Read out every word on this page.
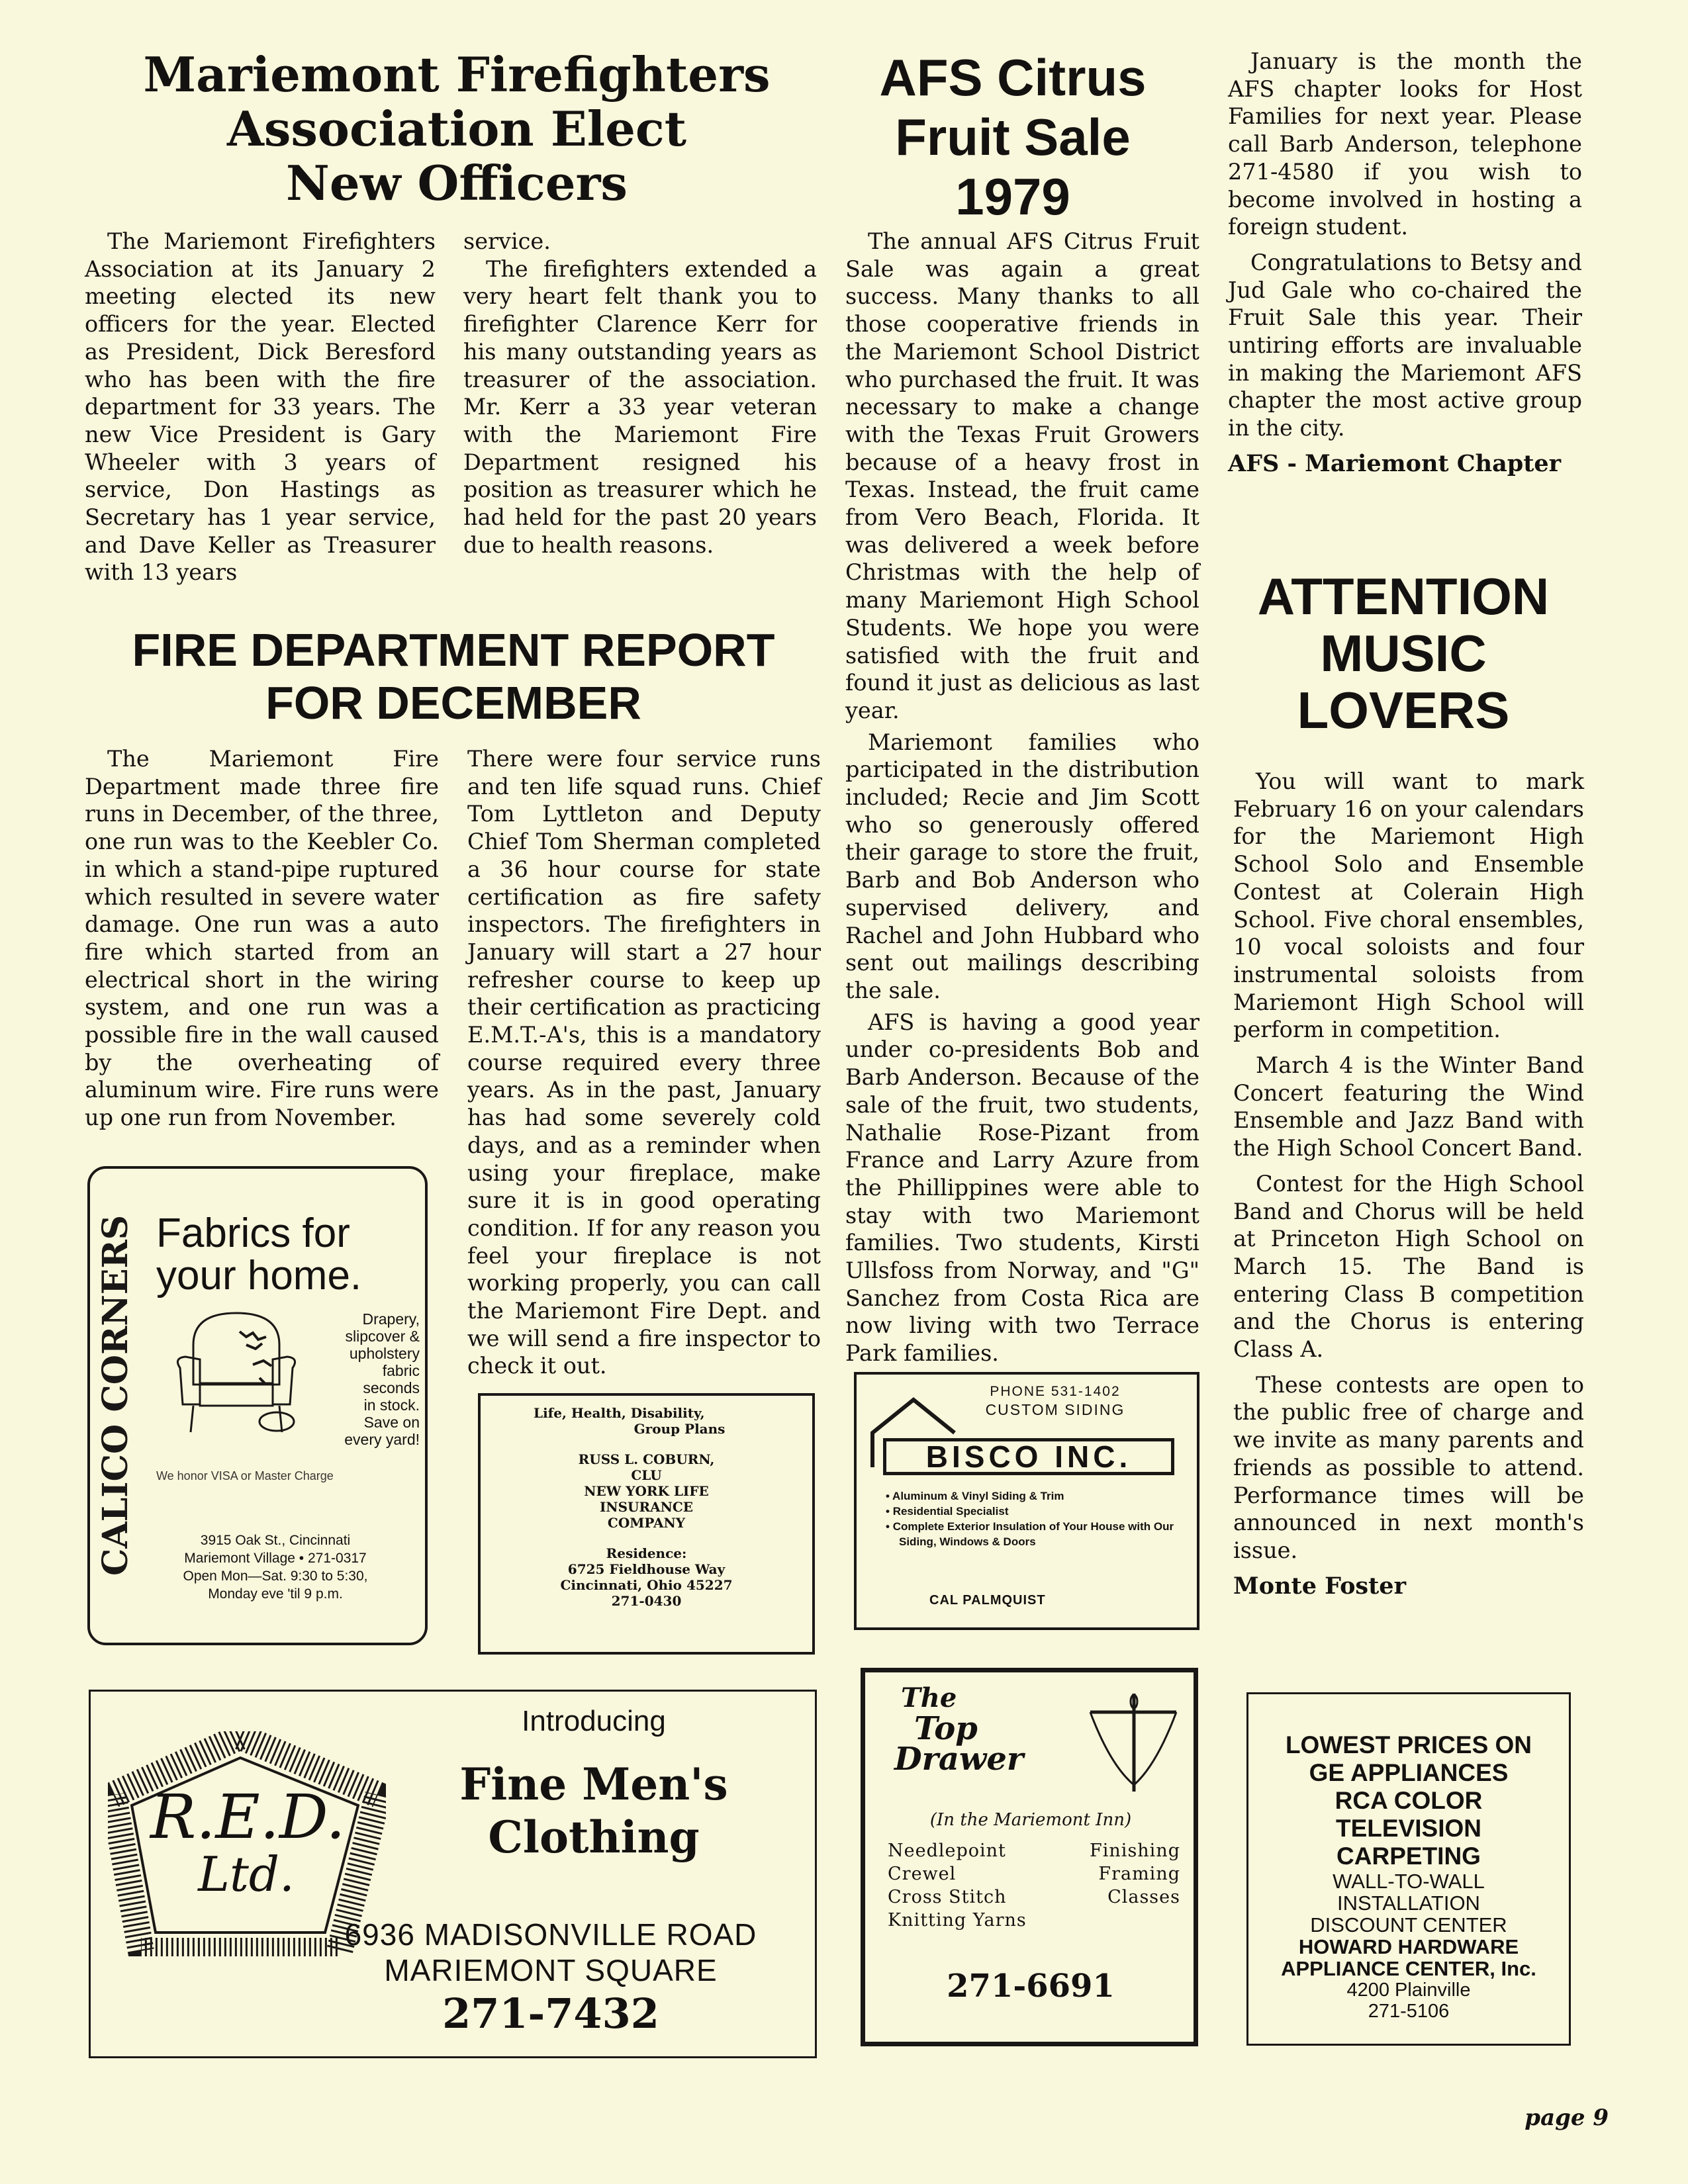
Mariemont Firefighters
Association Elect
New Officers
The Mariemont Firefighters Association at its January 2 meeting elected its new officers for the year. Elected as President, Dick Beresford who has been with the fire department for 33 years. The new Vice President is Gary Wheeler with 3 years of service, Don Hastings as Secretary has 1 year service, and Dave Keller as Treasurer with 13 years

service.

The firefighters extended a very heart felt thank you to firefighter Clarence Kerr for his many outstanding years as treasurer of the association. Mr. Kerr a 33 year veteran with the Mariemont Fire Department resigned his position as treasurer which he had held for the past 20 years due to health reasons.

FIRE DEPARTMENT REPORT
FOR DECEMBER
The Mariemont Fire Department made three fire runs in December, of the three, one run was to the Keebler Co. in which a stand-pipe ruptured which resulted in severe water damage. One run was a auto fire which started from an electrical short in the wiring system, and one run was a possible fire in the wall caused by the overheating of aluminum wire. Fire runs were up one run from November.
There were four service runs and ten life squad runs. Chief Tom Lyttleton and Deputy Chief Tom Sherman completed a 36 hour course for state certification as fire safety inspectors. The firefighters in January will start a 27 hour refresher course to keep up their certification as practicing E.M.T.-A's, this is a mandatory course required every three years. As in the past, January has had some severely cold days, and as a reminder when using your fireplace, make sure it is in good operating condition. If for any reason you feel your fireplace is not working properly, you can call the Mariemont Fire Dept. and we will send a fire inspector to check it out.
AFS Citrus
Fruit Sale
1979

The annual AFS Citrus Fruit Sale was again a great success. Many thanks to all those cooperative friends in the Mariemont School District who purchased the fruit. It was necessary to make a change with the Texas Fruit Growers because of a heavy frost in Texas. Instead, the fruit came from Vero Beach, Florida. It was delivered a week before Christmas with the help of many Mariemont High School Students. We hope you were satisfied with the fruit and found it just as delicious as last year.

Mariemont families who participated in the distribution included; Recie and Jim Scott who so generously offered their garage to store the fruit, Barb and Bob Anderson who supervised delivery, and Rachel and John Hubbard who sent out mailings describing the sale.

AFS is having a good year under co-presidents Bob and Barb Anderson. Because of the sale of the fruit, two students, Nathalie Rose-Pizant from France and Larry Azure from the Phillippines were able to stay with two Mariemont families. Two students, Kirsti Ullsfoss from Norway, and "G" Sanchez from Costa Rica are now living with two Terrace Park families.

January is the month the AFS chapter looks for Host Families for next year. Please call Barb Anderson, telephone 271-4580 if you wish to become involved in hosting a foreign student.

Congratulations to Betsy and Jud Gale who co-chaired the Fruit Sale this year. Their untiring efforts are invaluable in making the Mariemont AFS chapter the most active group in the city.

AFS - Mariemont Chapter

ATTENTION
MUSIC
LOVERS

You will want to mark February 16 on your calendars for the Mariemont High School Solo and Ensemble Contest at Colerain High School. Five choral ensembles, 10 vocal soloists and four instrumental soloists from Mariemont High School will perform in competition.

March 4 is the Winter Band Concert featuring the Wind Ensemble and Jazz Band with the High School Concert Band.

Contest for the High School Band and Chorus will be held at Princeton High School on March 15. The Band is entering Class B competition and the Chorus is entering Class A.

These contests are open to the public free of charge and we invite as many parents and friends as possible to attend. Performance times will be announced in next month's issue.

Monte Foster

CALICO CORNERS Fabrics for
your home.
Drapery,
slipcover &
upholstery
fabric
seconds
in stock.
Save on
every yard!
We honor VISA or Master Charge
3915 Oak St., Cincinnati
Mariemont Village • 271-0317
Open Mon—Sat. 9:30 to 5:30,
Monday eve 'til 9 p.m.
Life, Health, Disability,
Group Plans
RUSS L. COBURN,
CLU
NEW YORK LIFE
INSURANCE
COMPANY
Residence:
6725 Fieldhouse Way
Cincinnati, Ohio 45227
271-0430
PHONE 531-1402
CUSTOM SIDING
BISCO INC.
• Aluminum & Vinyl Siding & Trim
• Residential Specialist
• Complete Exterior Insulation of Your House with Our Siding, Windows & Doors
CAL PALMQUIST
R.E.D.
Ltd.
Introducing
Fine Men's
Clothing
6936 MADISONVILLE ROAD
MARIEMONT SQUARE
271-7432
The
Top
Drawer
(In the Mariemont Inn)
Needlepoint
Crewel
Cross Stitch
Knitting Yarns
Finishing
Framing
Classes
271-6691
LOWEST PRICES ON
GE APPLIANCES
RCA COLOR
TELEVISION
CARPETING
WALL-TO-WALL
INSTALLATION
DISCOUNT CENTER
HOWARD HARDWARE
APPLIANCE CENTER, Inc.
4200 Plainville
271-5106
page 9
